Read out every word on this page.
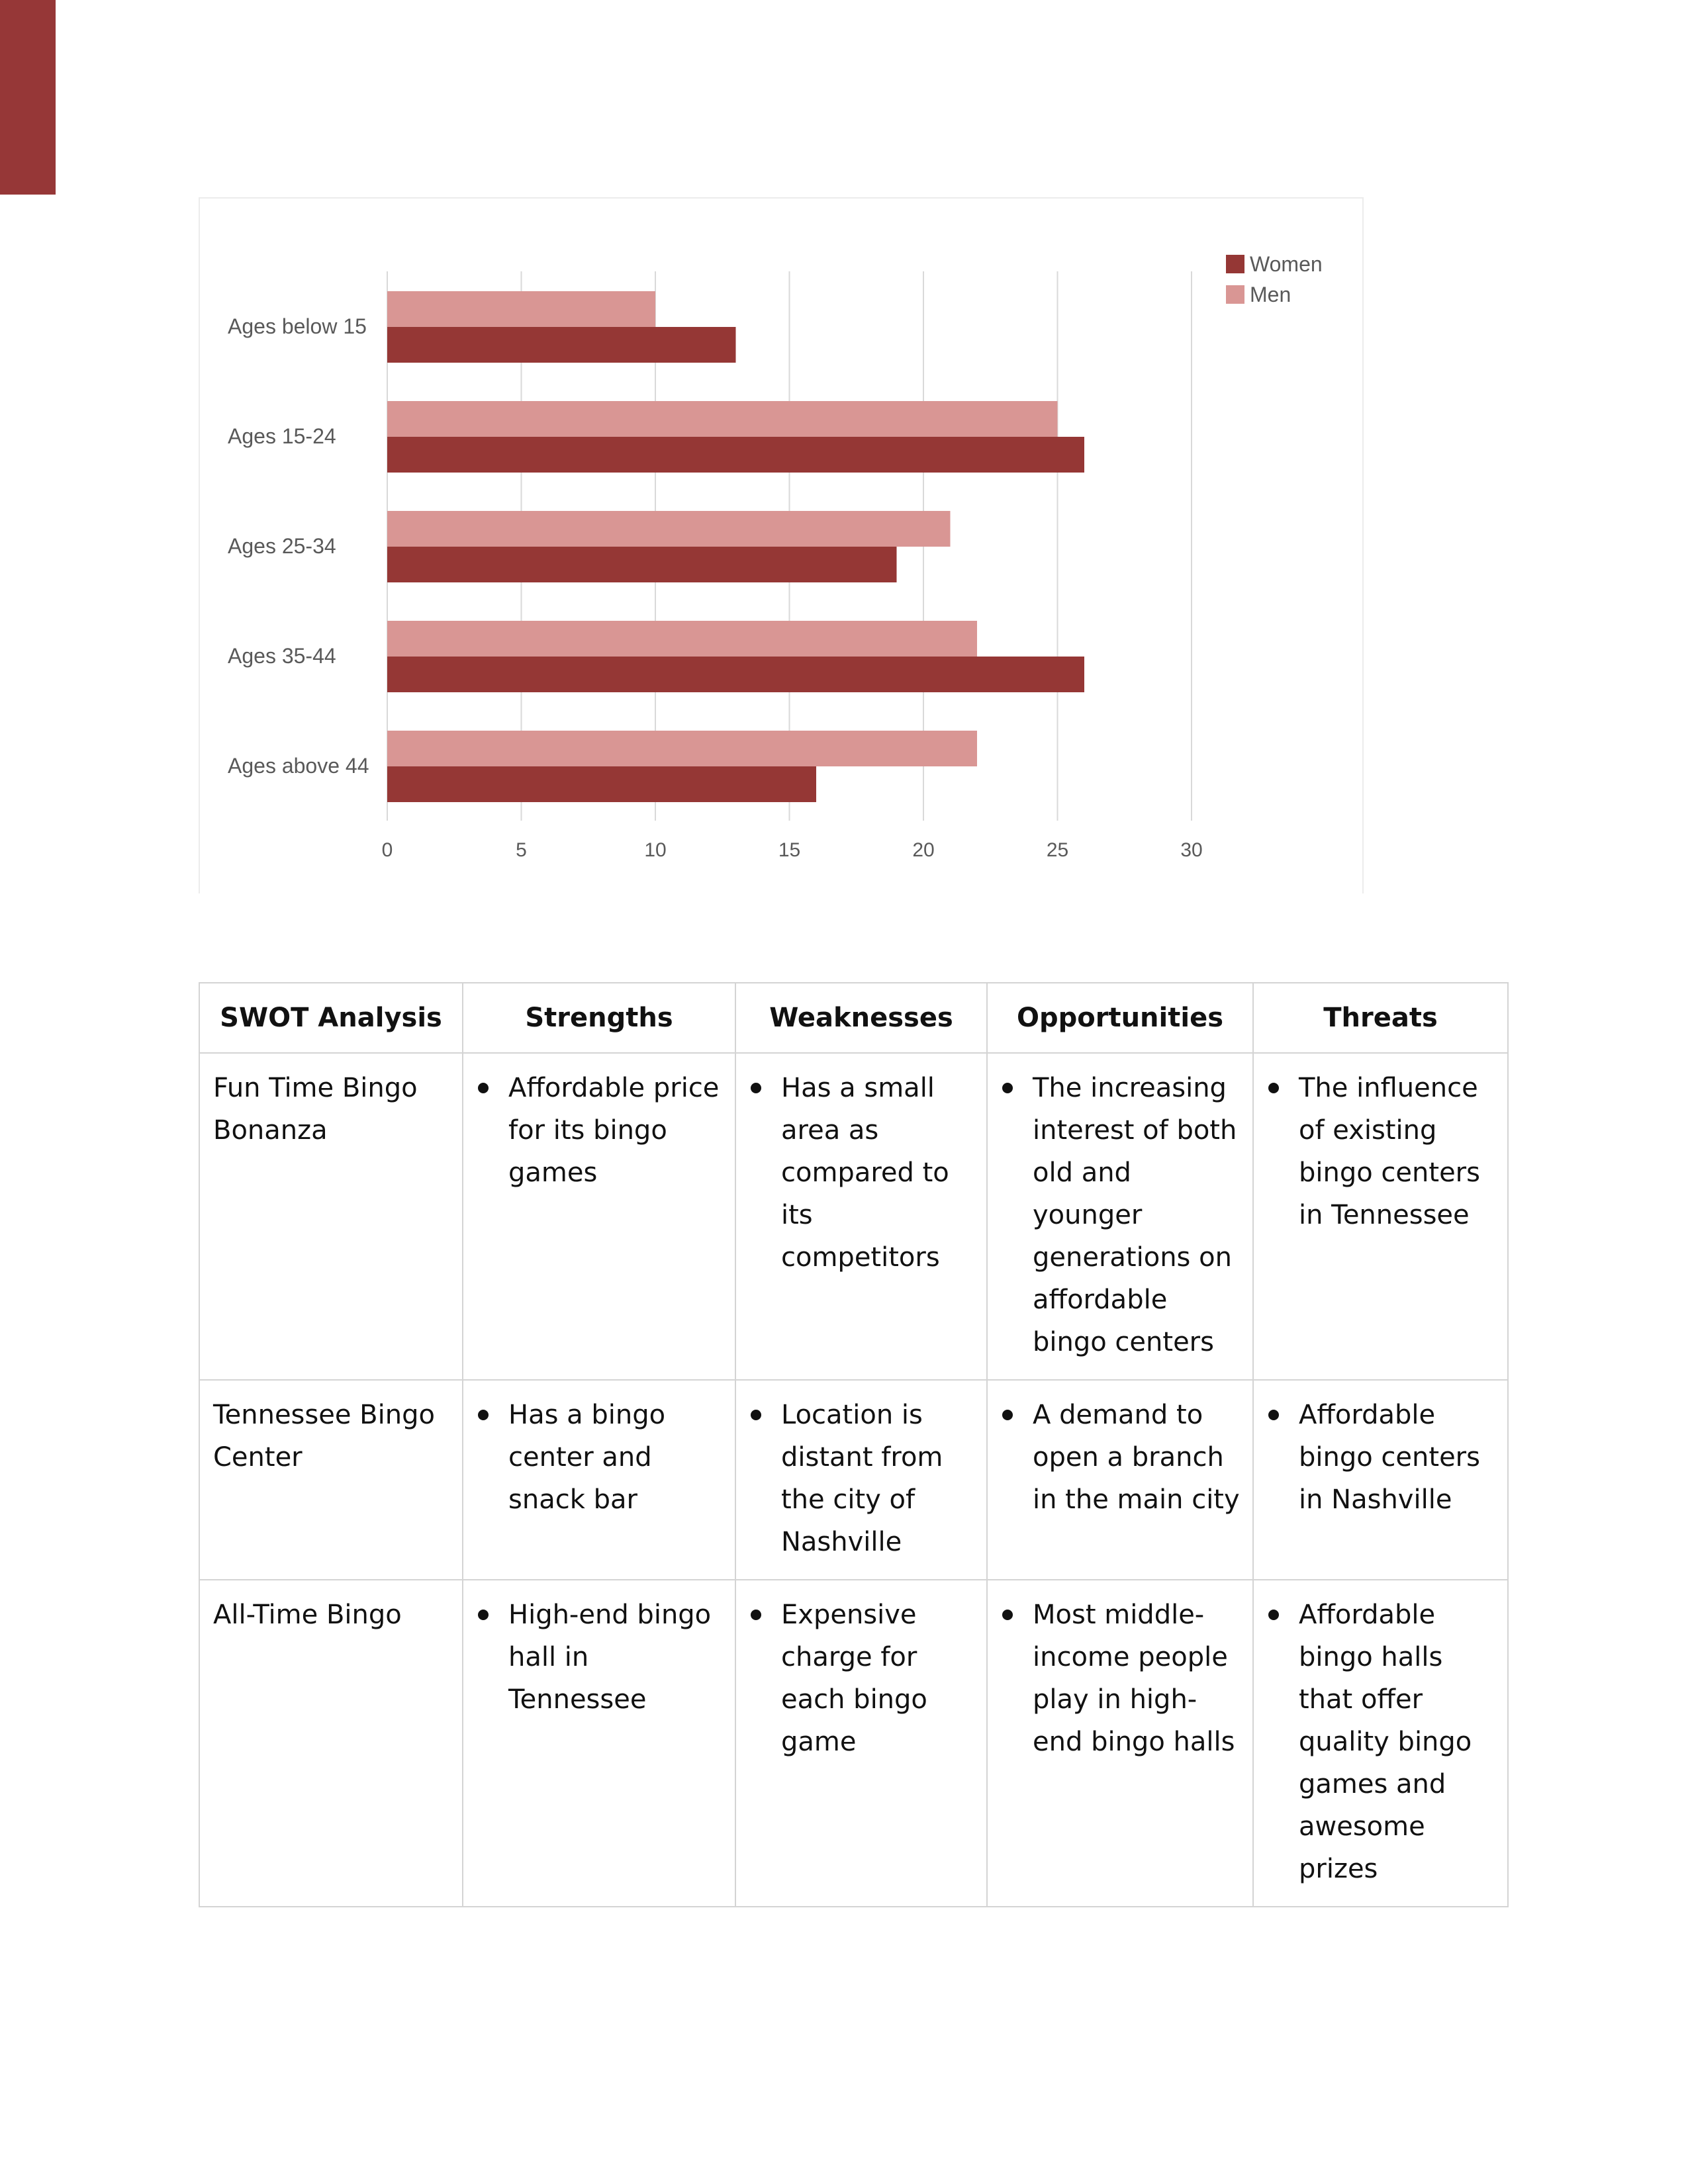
0	5	10	15	20	25	30
Ages below 15
Ages 15-24
Ages 25-34
Ages 35-44
Ages above 44
Women
Men
SWOT Analysis	Strengths	Weaknesses	Opportunities	Threats
Fun Time Bingo Bonanza	Affordable price for its bingo games	Has a small area as compared to its competitors	The increasing interest of both old and younger generations on affordable bingo centers	The influence of existing bingo centers in Tennessee

Tennessee Bingo Center	Has a bingo center and snack bar	Location is distant from the city of Nashville	A demand to open a branch in the main city	Affordable bingo centers in Nashville

All-Time Bingo	High-end bingo hall in Tennessee	Expensive charge for each bingo game	Most middle-income people play in high-end bingo halls	Affordable bingo halls that offer quality bingo games and awesome prizes
